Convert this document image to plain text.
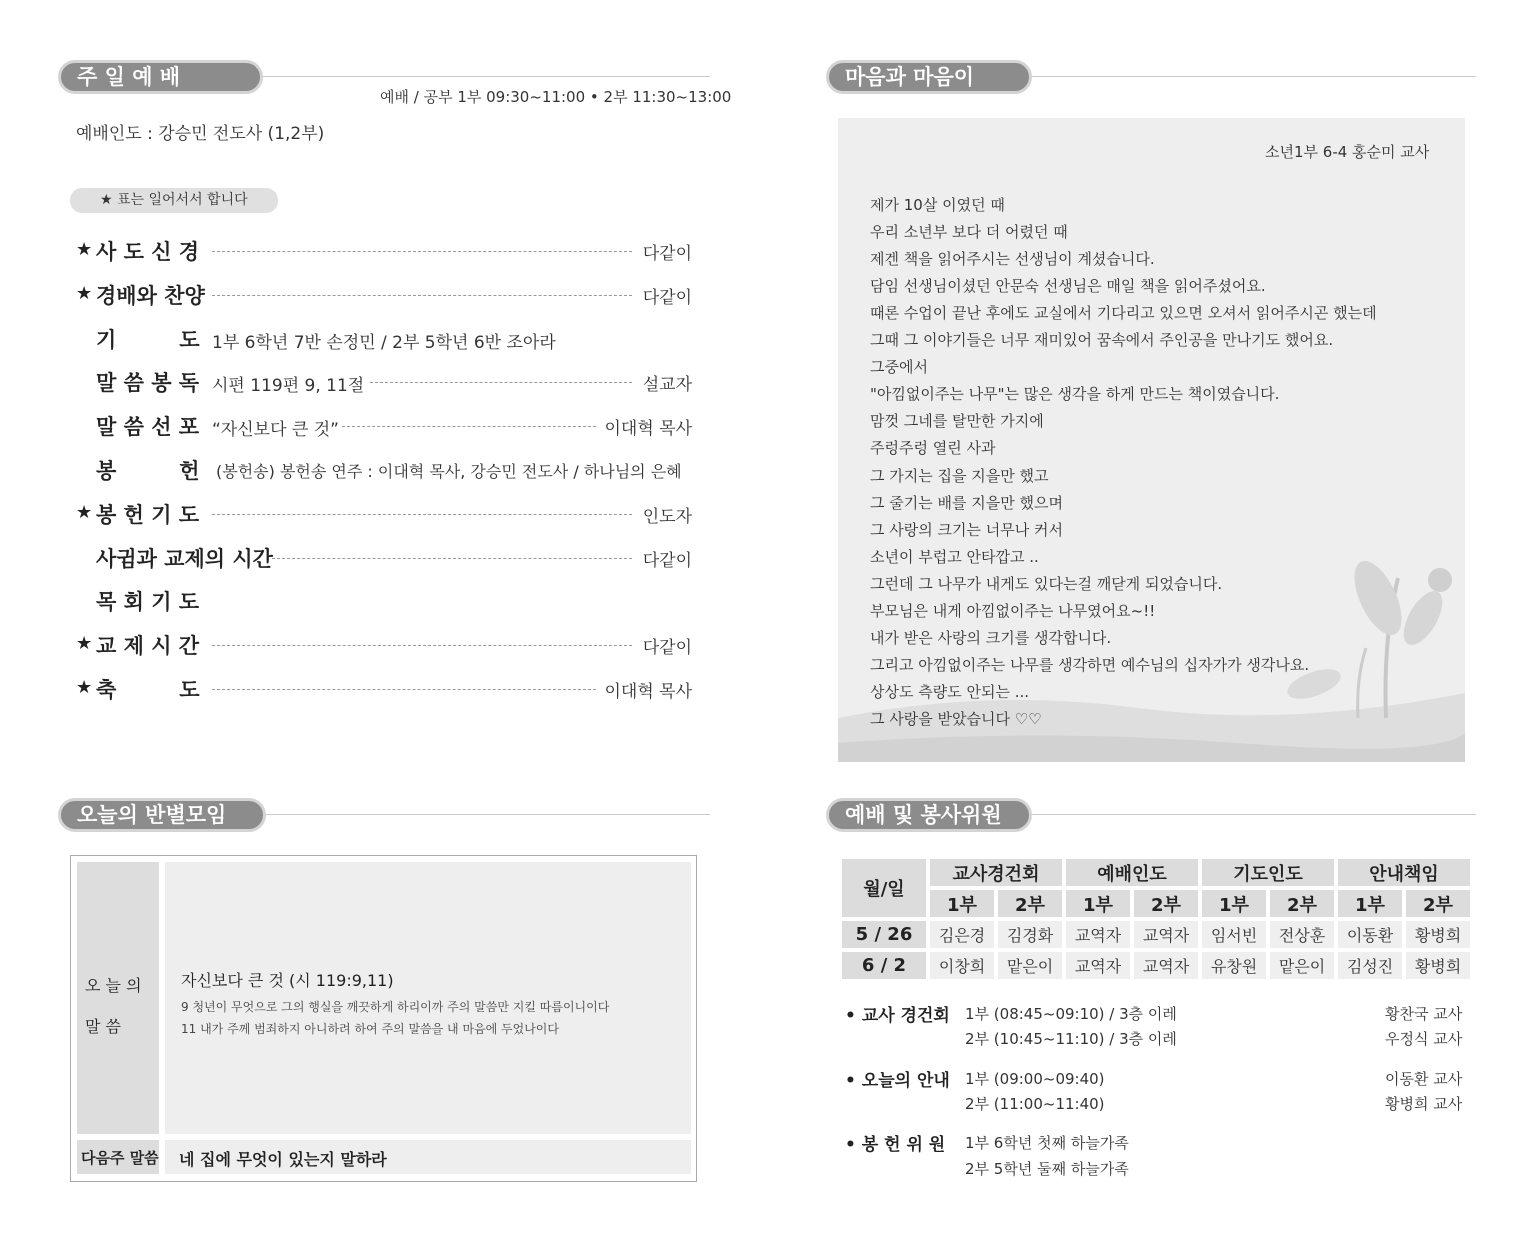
주 일 예 배
예배 / 공부 1부 09:30~11:00 • 2부 11:30~13:00
예배인도 : 강승민 전도사 (1,2부)
★ 표는 일어서서 합니다
★ 사 도 신 경	다같이
★ 경배와 찬양	다같이
기　　　도 1부 6학년 7반 손정민 / 2부 5학년 6반 조아라
말 씀 봉 독 시편 119편 9, 11절	설교자
말 씀 선 포 “자신보다 큰 것”	이대혁 목사
봉　　　헌 (봉헌송) 봉헌송 연주 : 이대혁 목사, 강승민 전도사 / 하나님의 은혜
★ 봉 헌 기 도	인도자
사귐과 교제의 시간	다같이
목 회 기 도
★ 교 제 시 간	다같이
★ 축　　　도	이대혁 목사
오늘의 반별모임
오 늘 의
말 씀
자신보다 큰 것 (시 119:9,11)
9 청년이 무엇으로 그의 행실을 깨끗하게 하리이까 주의 말씀만 지킬 따름이니이다
11 내가 주께 범죄하지 아니하려 하여 주의 말씀을 내 마음에 두었나이다
다음주 말씀 네 집에 무엇이 있는지 말하라
마음과 마음이
소년1부 6-4 홍순미 교사
제가 10살 이였던 때
우리 소년부 보다 더 어렸던 때
제겐 책을 읽어주시는 선생님이 계셨습니다.
담임 선생님이셨던 안문숙 선생님은 매일 책을 읽어주셨어요.
때론 수업이 끝난 후에도 교실에서 기다리고 있으면 오셔서 읽어주시곤 했는데
그때 그 이야기들은 너무 재미있어 꿈속에서 주인공을 만나기도 했어요.
그중에서
"아낌없이주는 나무"는 많은 생각을 하게 만드는 책이였습니다.
맘껏 그네를 탈만한 가지에
주렁주렁 열린 사과
그 가지는 집을 지을만 했고
그 줄기는 배를 지을만 했으며
그 사랑의 크기는 너무나 커서
소년이 부럽고 안타깝고 ..
그런데 그 나무가 내게도 있다는걸 깨닫게 되었습니다.
부모님은 내게 아낌없이주는 나무였어요~!!
내가 받은 사랑의 크기를 생각합니다.
그리고 아낌없이주는 나무를 생각하면 예수님의 십자가가 생각나요.
상상도 측량도 안되는 ...
그 사랑을 받았습니다 ♡♡
예배 및 봉사위원
월/일	교사경건회		예배인도		기도인도		안내책임	
	1부	2부	1부	2부	1부	2부	1부	2부
5 / 26	김은경	김경화	교역자	교역자	임서빈	전상훈	이동환	황병희
6 / 2	이창희	맡은이	교역자	교역자	유창원	맡은이	김성진	황병희
• 교사 경건회 1부 (08:45~09:10) / 3층 이레	황찬국 교사
2부 (10:45~11:10) / 3층 이레	우정식 교사
• 오늘의 안내 1부 (09:00~09:40)	이동환 교사
2부 (11:00~11:40)	황병희 교사
• 봉 헌 위 원 1부 6학년 첫째 하늘가족
2부 5학년 둘째 하늘가족
